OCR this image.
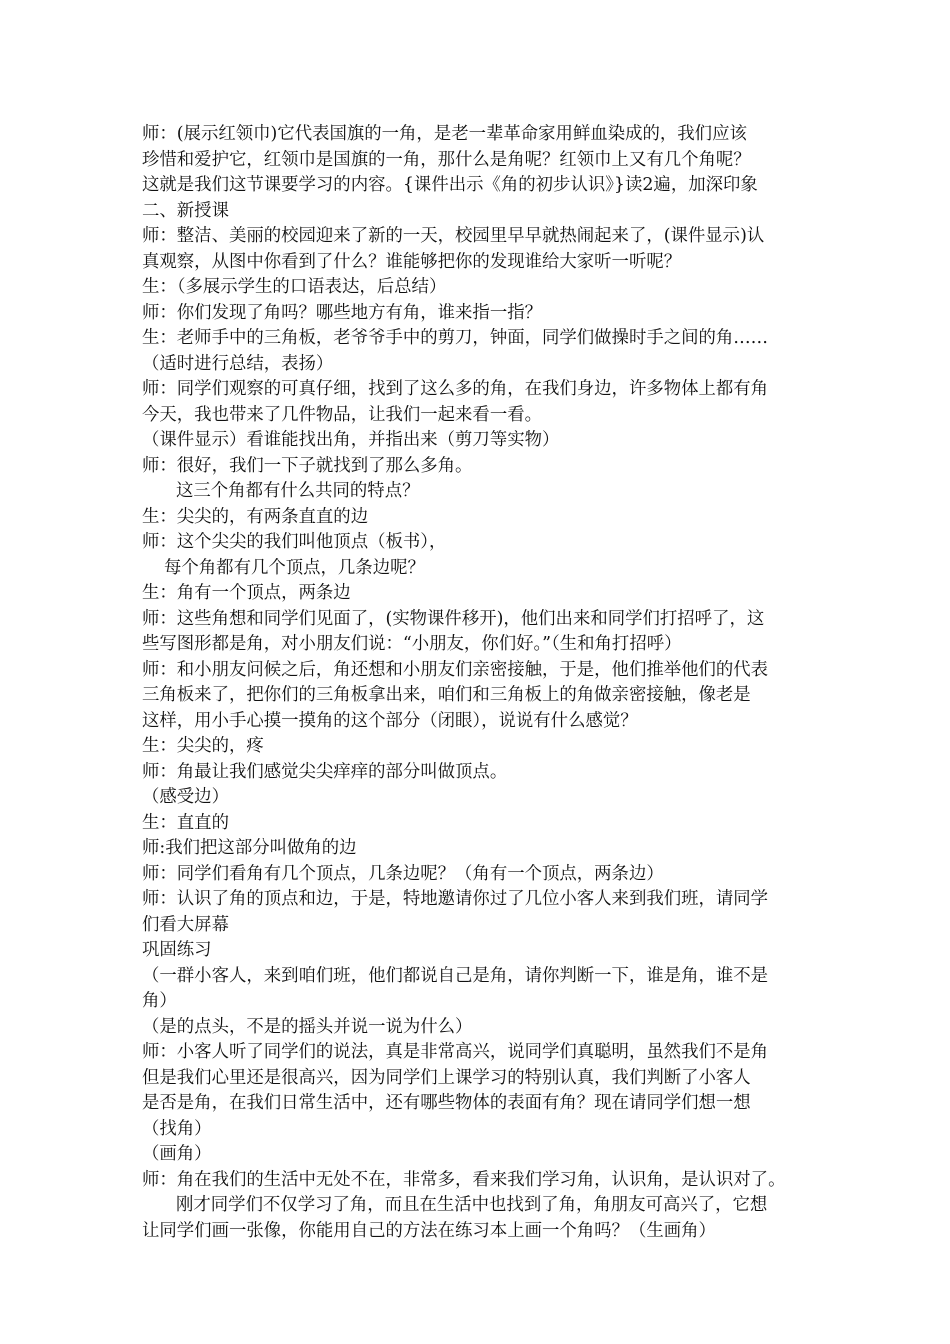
师：(展示红领巾)它代表国旗的一角，是老一辈革命家用鲜血染成的，我们应该
珍惜和爱护它，红领巾是国旗的一角，那什么是角呢？红领巾上又有几个角呢？
这就是我们这节课要学习的内容。{课件出示《角的初步认识》}读2遍，加深印象
二、新授课
师：整洁、美丽的校园迎来了新的一天，校园里早早就热闹起来了，(课件显示)认
真观察，从图中你看到了什么？谁能够把你的发现谁给大家听一听呢？
生：（多展示学生的口语表达，后总结）
师：你们发现了角吗？哪些地方有角，谁来指一指？
生：老师手中的三角板，老爷爷手中的剪刀，钟面，同学们做操时手之间的角……
（适时进行总结，表扬）
师：同学们观察的可真仔细，找到了这么多的角，在我们身边，许多物体上都有角
今天，我也带来了几件物品，让我们一起来看一看。
（课件显示）看谁能找出角，并指出来（剪刀等实物）
师：很好，我们一下子就找到了那么多角。
这三个角都有什么共同的特点？
生：尖尖的，有两条直直的边
师：这个尖尖的我们叫他顶点（板书），
每个角都有几个顶点，几条边呢？
生：角有一个顶点，两条边
师：这些角想和同学们见面了，(实物课件移开)，他们出来和同学们打招呼了，这
些写图形都是角，对小朋友们说：“小朋友，你们好。”（生和角打招呼）
师：和小朋友问候之后，角还想和小朋友们亲密接触，于是，他们推举他们的代表
三角板来了，把你们的三角板拿出来，咱们和三角板上的角做亲密接触，像老是
这样，用小手心摸一摸角的这个部分（闭眼），说说有什么感觉？
生：尖尖的，疼
师：角最让我们感觉尖尖痒痒的部分叫做顶点。
（感受边）
生：直直的
师:我们把这部分叫做角的边
师：同学们看角有几个顶点，几条边呢？（角有一个顶点，两条边）
师：认识了角的顶点和边，于是，特地邀请你过了几位小客人来到我们班，请同学
们看大屏幕
巩固练习
（一群小客人，来到咱们班，他们都说自己是角，请你判断一下，谁是角，谁不是
角）
（是的点头，不是的摇头并说一说为什么）
师：小客人听了同学们的说法，真是非常高兴，说同学们真聪明，虽然我们不是角
但是我们心里还是很高兴，因为同学们上课学习的特别认真，我们判断了小客人
是否是角，在我们日常生活中，还有哪些物体的表面有角？现在请同学们想一想
（找角）
（画角）
师：角在我们的生活中无处不在，非常多，看来我们学习角，认识角，是认识对了。
刚才同学们不仅学习了角，而且在生活中也找到了角，角朋友可高兴了，它想
让同学们画一张像，你能用自己的方法在练习本上画一个角吗？（生画角）
